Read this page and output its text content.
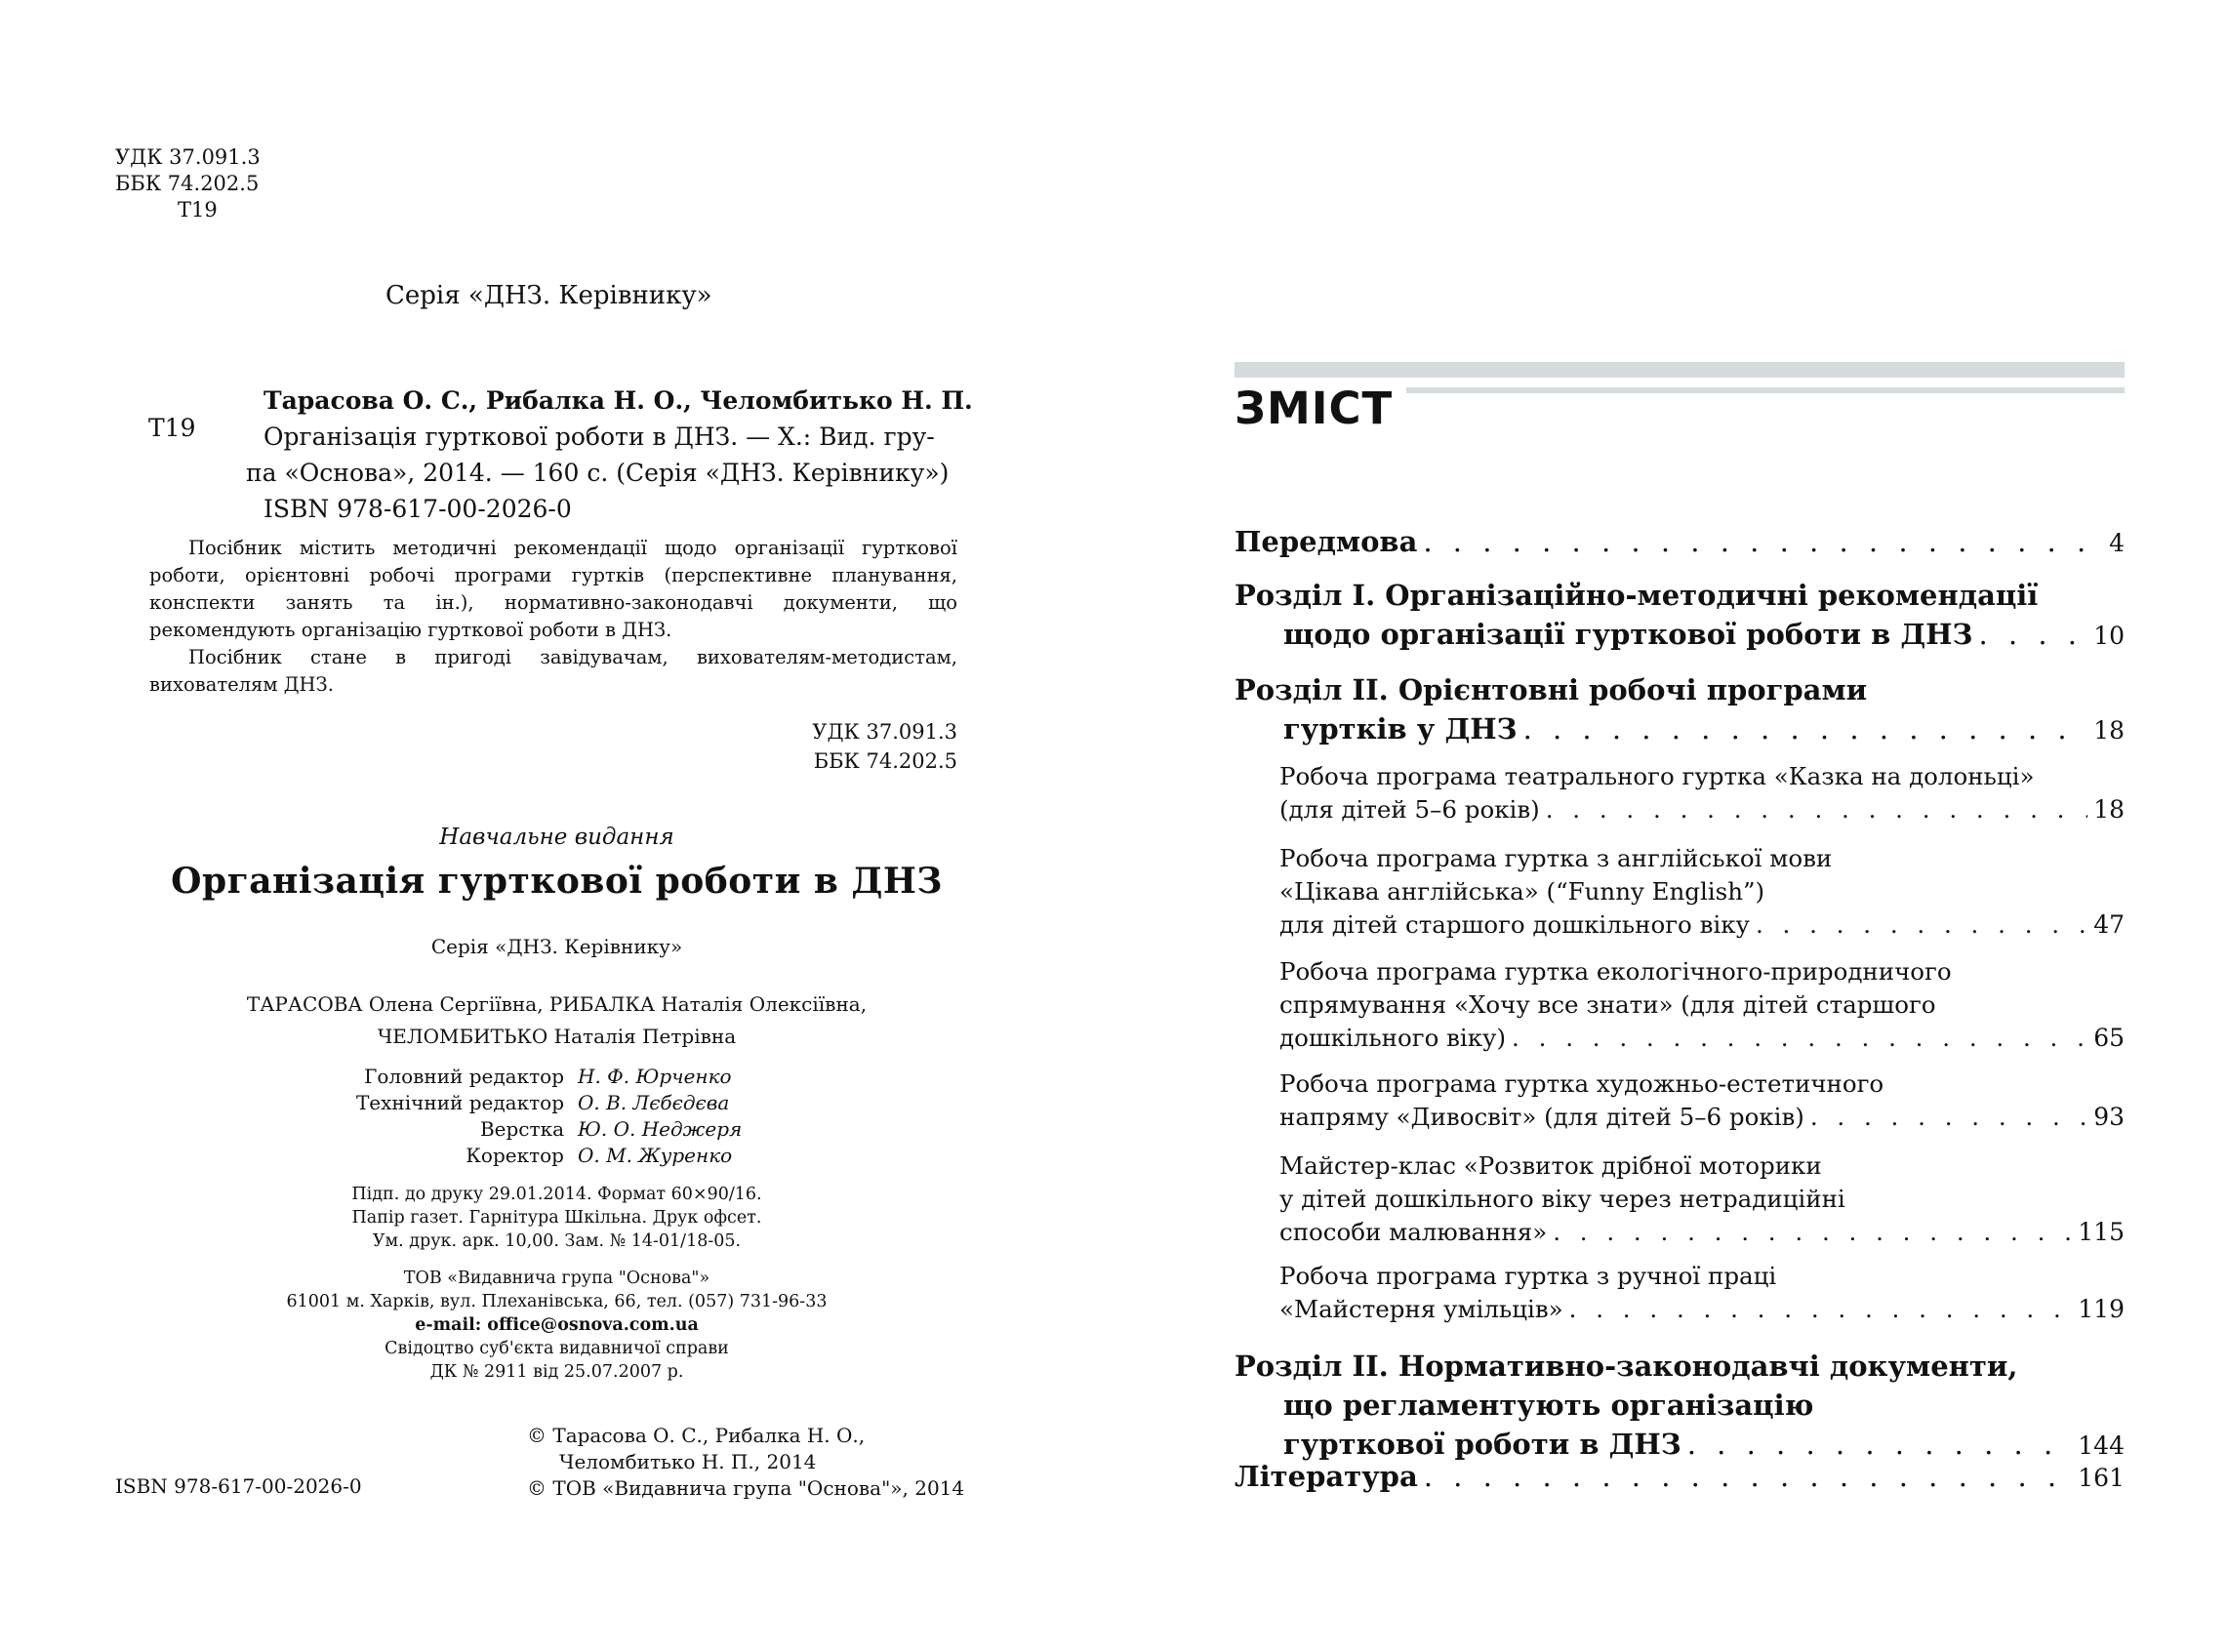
УДК 37.091.3
ББК 74.202.5
Т19
Серія «ДНЗ. Керівнику»
Т19
Тарасова О. С., Рибалка Н. О., Челомбитько Н. П.
Організація гурткової роботи в ДНЗ. — Х.: Вид. гру-
па «Основа», 2014. — 160 с. (Серія «ДНЗ. Керівнику»)
ISBN 978-617-00-2026-0

Посібник містить методичні рекомендації щодо організації гурткової роботи, орієнтовні робочі програми гуртків (перспективне планування, конспекти занять та ін.), нормативно-законодавчі документи, що рекомендують організацію гурткової роботи в ДНЗ.

Посібник стане в пригоді завідувачам, вихователям-методистам, вихователям ДНЗ.

УДК 37.091.3
ББК 74.202.5
Навчальне видання
Організація гурткової роботи в ДНЗ
Серія «ДНЗ. Керівнику»
ТАРАСОВА Олена Сергіївна, РИБАЛКА Наталія Олексіївна,
ЧЕЛОМБИТЬКО Наталія Петрівна
Головний редактор Н. Ф. Юрченко
Технічний редактор О. В. Лєбєдєва
Верстка Ю. О. Неджеря
Коректор О. М. Журенко
Підп. до друку 29.01.2014. Формат 60×90/16.
Папір газет. Гарнітура Шкільна. Друк офсет.
Ум. друк. арк. 10,00. Зам. № 14-01/18-05.
ТОВ «Видавнича група "Основа"»
61001 м. Харків, вул. Плеханівська, 66, тел. (057) 731-96-33
e-mail: office@osnova.com.ua
Свідоцтво суб'єкта видавничої справи
ДК № 2911 від 25.07.2007 р.
ISBN 978-617-00-2026-0
© Тарасова О. С., Рибалка Н. О.,
Челомбитько Н. П., 2014
© ТОВ «Видавнича група "Основа"», 2014
ЗМІСТ
Передмова . . .	4
Розділ І. Організаційно-методичні рекомендації
щодо організації гурткової роботи в ДНЗ . . .	10
Розділ ІІ. Орієнтовні робочі програми
гуртків у ДНЗ . . .	18
Робоча програма театрального гуртка «Казка на долоньці»
(для дітей 5–6 років) . . .	18
Робоча програма гуртка з англійської мови
«Цікава англійська» (“Funny English”)
для дітей старшого дошкільного віку . . .	47
Робоча програма гуртка екологічного-природничого
спрямування «Хочу все знати» (для дітей старшого
дошкільного віку) . . .	65
Робоча програма гуртка художньо-естетичного
напряму «Дивосвіт» (для дітей 5–6 років) . . .	93
Майстер-клас «Розвиток дрібної моторики
у дітей дошкільного віку через нетрадиційні
способи малювання» . . .	115
Робоча програма гуртка з ручної праці
«Майстерня умільців» . . .	119
Розділ ІІ. Нормативно-законодавчі документи,
що регламентують організацію
гурткової роботи в ДНЗ . . .	144
Література . . .	161
